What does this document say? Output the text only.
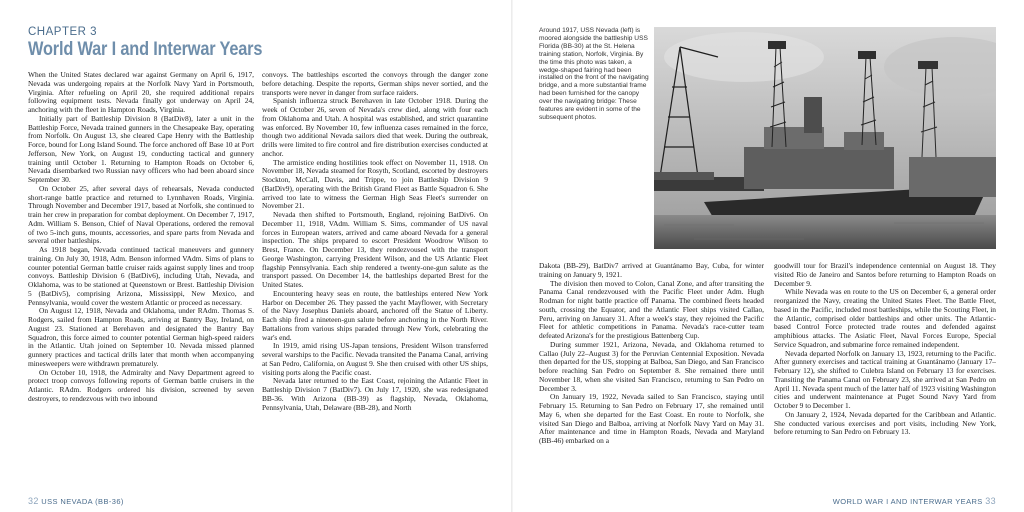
CHAPTER 3
World War I and Interwar Years

When the United States declared war against Germany on April 6, 1917, Nevada was undergoing repairs at the Norfolk Navy Yard in Portsmouth, Virginia. After refueling on April 20, she required additional repairs following equipment tests. Nevada finally got underway on April 24, anchoring with the fleet in Hampton Roads, Virginia.

Initially part of Battleship Division 8 (BatDiv8), later a unit in the Battleship Force, Nevada trained gunners in the Chesapeake Bay, operating from Norfolk. On August 13, she cleared Cape Henry with the Battleship Force, bound for Long Island Sound. The force anchored off Base 10 at Port Jefferson, New York, on August 19, conducting tactical and gunnery training until October 1. Returning to Hampton Roads on October 6, Nevada disembarked two Russian navy officers who had been aboard since September 30.

On October 25, after several days of rehearsals, Nevada conducted short-range battle practice and returned to Lynnhaven Roads, Virginia. Through November and December 1917, based at Norfolk, she continued to train her crew in preparation for combat deployment. On December 7, 1917, Adm. William S. Benson, Chief of Naval Operations, ordered the removal of two 5-inch guns, mounts, accessories, and spare parts from Nevada and several other battleships.

As 1918 began, Nevada continued tactical maneuvers and gunnery training. On July 30, 1918, Adm. Benson informed VAdm. Sims of plans to counter potential German battle cruiser raids against supply lines and troop convoys. Battleship Division 6 (BatDiv6), including Utah, Nevada, and Oklahoma, was to be stationed at Queenstown or Brest. Battleship Division 5 (BatDiv5), comprising Arizona, Mississippi, New Mexico, and Pennsylvania, would cover the western Atlantic or proceed as necessary.

On August 12, 1918, Nevada and Oklahoma, under RAdm. Thomas S. Rodgers, sailed from Hampton Roads, arriving at Bantry Bay, Ireland, on August 23. Stationed at Berehaven and designated the Bantry Bay Squadron, this force aimed to counter potential German high-speed raiders in the Atlantic. Utah joined on September 10. Nevada missed planned gunnery practices and tactical drills later that month when accompanying minesweepers were withdrawn prematurely.

On October 10, 1918, the Admiralty and Navy Department agreed to protect troop convoys following reports of German battle cruisers in the Atlantic. RAdm. Rodgers ordered his division, screened by seven destroyers, to rendezvous with two inbound

convoys. The battleships escorted the convoys through the danger zone before detaching. Despite the reports, German ships never sortied, and the transports were never in danger from surface raiders.

Spanish influenza struck Berehaven in late October 1918. During the week of October 26, seven of Nevada's crew died, along with four each from Oklahoma and Utah. A hospital was established, and strict quarantine was enforced. By November 10, few influenza cases remained in the force, though two additional Nevada sailors died that week. During the outbreak, drills were limited to fire control and fire distribution exercises conducted at anchor.

The armistice ending hostilities took effect on November 11, 1918. On November 18, Nevada steamed for Rosyth, Scotland, escorted by destroyers Stockton, McCall, Davis, and Trippe, to join Battleship Division 9 (BatDiv9), operating with the British Grand Fleet as Battle Squadron 6. She arrived too late to witness the German High Seas Fleet's surrender on November 21.

Nevada then shifted to Portsmouth, England, rejoining BatDiv6. On December 11, 1918, VAdm. William S. Sims, commander of US naval forces in European waters, arrived and came aboard Nevada for a general inspection. The ships prepared to escort President Woodrow Wilson to Brest, France. On December 13, they rendezvoused with the transport George Washington, carrying President Wilson, and the US Atlantic Fleet flagship Pennsylvania. Each ship rendered a twenty-one-gun salute as the transport passed. On December 14, the battleships departed Brest for the United States.

Encountering heavy seas en route, the battleships entered New York Harbor on December 26. They passed the yacht Mayflower, with Secretary of the Navy Josephus Daniels aboard, anchored off the Statue of Liberty. Each ship fired a nineteen-gun salute before anchoring in the North River. Battalions from various ships paraded through New York, celebrating the war's end.

In 1919, amid rising US-Japan tensions, President Wilson transferred several warships to the Pacific. Nevada transited the Panama Canal, arriving at San Pedro, California, on August 9. She then cruised with other US ships, visiting ports along the Pacific coast.

Nevada later returned to the East Coast, rejoining the Atlantic Fleet in Battleship Division 7 (BatDiv7). On July 17, 1920, she was redesignated BB-36. With Arizona (BB-39) as flagship, Nevada, Oklahoma, Pennsylvania, Utah, Delaware (BB-28), and North

Around 1917, USS Nevada (left) is moored alongside the battleship USS Florida (BB-30) at the St. Helena training station, Norfolk, Virginia. By the time this photo was taken, a wedge-shaped fairing had been installed on the front of the navigating bridge, and a more substantial frame had been furnished for the canopy over the navigating bridge: These features are evident in some of the subsequent photos.

Dakota (BB-29), BatDiv7 arrived at Guantánamo Bay, Cuba, for winter training on January 9, 1921.

The division then moved to Colon, Canal Zone, and after transiting the Panama Canal rendezvoused with the Pacific Fleet under Adm. Hugh Rodman for night battle practice off Panama. The combined fleets headed south, crossing the Equator, and the Atlantic Fleet ships visited Callao, Peru, arriving on January 31. After a week's stay, they rejoined the Pacific Fleet for athletic competitions in Panama. Nevada's race-cutter team defeated Arizona's for the prestigious Battenberg Cup.

During summer 1921, Arizona, Nevada, and Oklahoma returned to Callao (July 22–August 3) for the Peruvian Centennial Exposition. Nevada then departed for the US, stopping at Balboa, San Diego, and San Francisco before reaching San Pedro on September 8. She remained there until November 18, when she visited San Francisco, returning to San Pedro on December 3.

On January 19, 1922, Nevada sailed to San Francisco, staying until February 15. Returning to San Pedro on February 17, she remained until May 6, when she departed for the East Coast. En route to Norfolk, she visited San Diego and Balboa, arriving at Norfolk Navy Yard on May 31. After maintenance and time in Hampton Roads, Nevada and Maryland (BB-46) embarked on a

goodwill tour for Brazil's independence centennial on August 18. They visited Rio de Janeiro and Santos before returning to Hampton Roads on December 9.

While Nevada was en route to the US on December 6, a general order reorganized the Navy, creating the United States Fleet. The Battle Fleet, based in the Pacific, included most battleships, while the Scouting Fleet, in the Atlantic, comprised older battleships and other units. The Atlantic-based Control Force protected trade routes and defended against amphibious attacks. The Asiatic Fleet, Naval Forces Europe, Special Service Squadron, and submarine force remained independent.

Nevada departed Norfolk on January 13, 1923, returning to the Pacific. After gunnery exercises and tactical training at Guantánamo (January 17–February 12), she shifted to Culebra Island on February 13 for exercises. Transiting the Panama Canal on February 23, she arrived at San Pedro on April 11. Nevada spent much of the latter half of 1923 visiting Washington cities and underwent maintenance at Puget Sound Navy Yard from October 9 to December 1.

On January 2, 1924, Nevada departed for the Caribbean and Atlantic. She conducted various exercises and port visits, including New York, before returning to San Pedro on February 13.

32 USS NEVADA (BB-36)	WORLD WAR I AND INTERWAR YEARS 33
